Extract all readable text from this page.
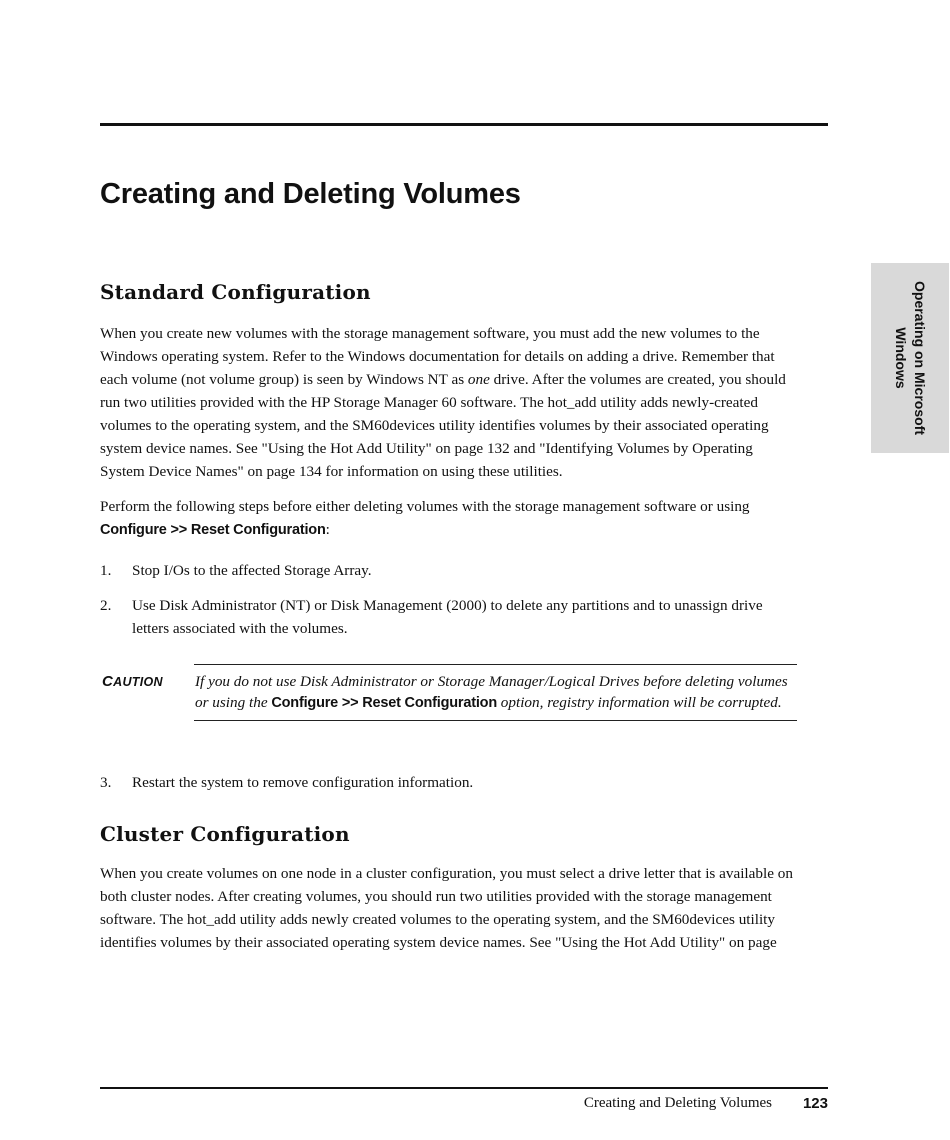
Creating and Deleting Volumes
Operating on Microsoft
Windows
Standard Configuration

When you create new volumes with the storage management software, you must add the new volumes to the Windows operating system. Refer to the Windows documentation for details on adding a drive. Remember that each volume (not volume group) is seen by Windows NT as one drive. After the volumes are created, you should run two utilities provided with the HP Storage Manager 60 software. The hot_add utility adds newly-created volumes to the operating system, and the SM60devices utility identifies volumes by their associated operating system device names. See "Using the Hot Add Utility" on page 132 and "Identifying Volumes by Operating System Device Names" on page 134 for information on using these utilities.

Perform the following steps before either deleting volumes with the storage management software or using Configure >> Reset Configuration:

1. Stop I/Os to the affected Storage Array.
2. Use Disk Administrator (NT) or Disk Management (2000) to delete any partitions and to unassign drive letters associated with the volumes.
CAUTION If you do not use Disk Administrator or Storage Manager/Logical Drives before deleting volumes or using the Configure >> Reset Configuration option, registry information will be corrupted.
3. Restart the system to remove configuration information.
Cluster Configuration

When you create volumes on one node in a cluster configuration, you must select a drive letter that is available on both cluster nodes. After creating volumes, you should run two utilities provided with the storage management software. The hot_add utility adds newly created volumes to the operating system, and the SM60devices utility identifies volumes by their associated operating system device names. See "Using the Hot Add Utility" on page

Creating and Deleting Volumes 123
